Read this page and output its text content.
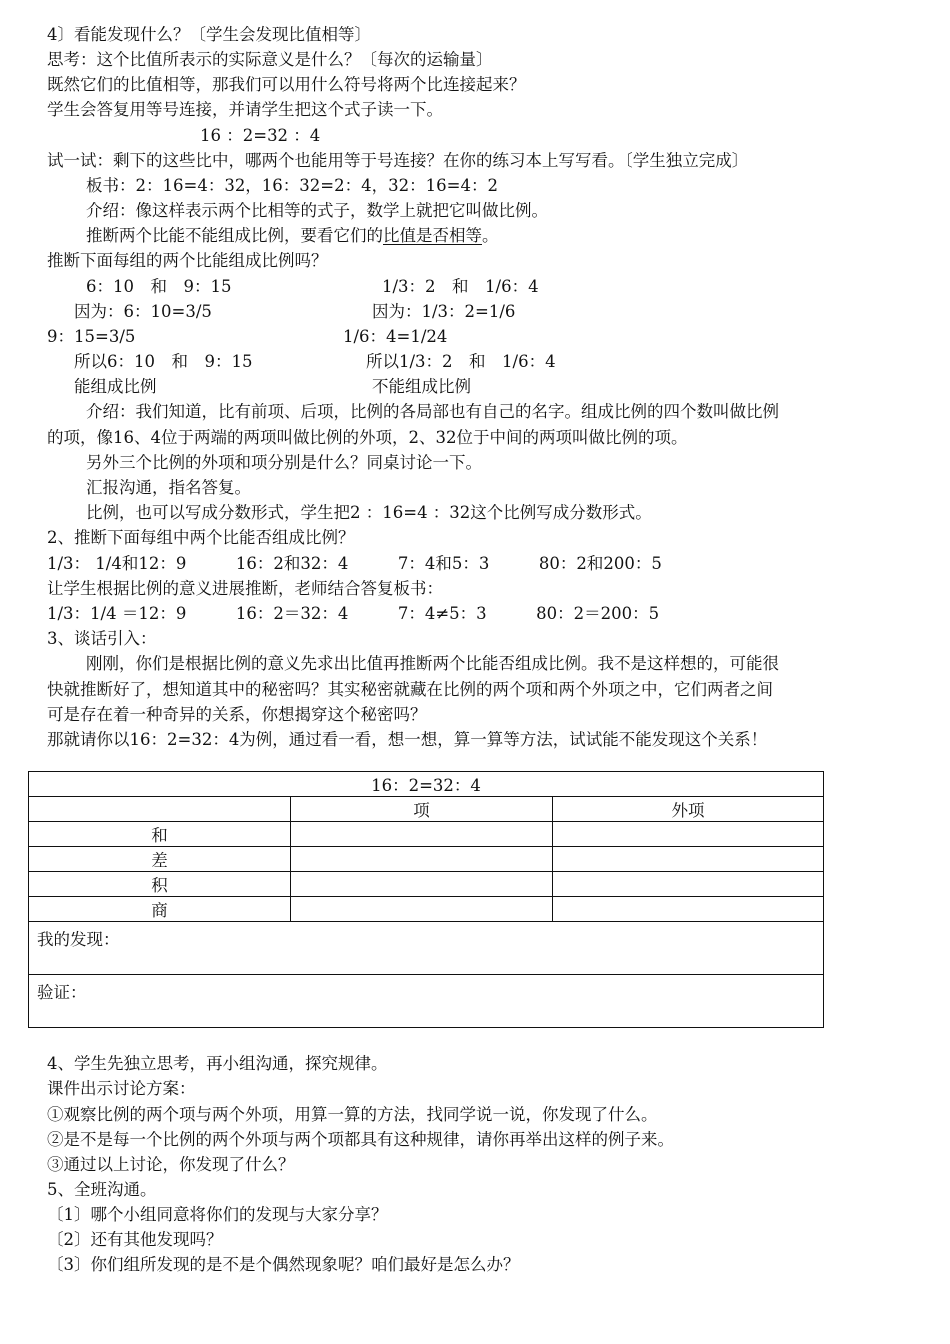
4〕看能发现什么？〔学生会发现比值相等〕
思考：这个比值所表示的实际意义是什么？〔每次的运输量〕
既然它们的比值相等，那我们可以用什么符号将两个比连接起来？
学生会答复用等号连接，并请学生把这个式子读一下。
16 ：2=32 ：4
试一试：剩下的这些比中，哪两个也能用等于号连接？在你的练习本上写写看。〔学生独立完成〕
板书：2：16=4：32，16：32=2：4，32：16=4：2
介绍：像这样表示两个比相等的式子，数学上就把它叫做比例。
推断两个比能不能组成比例，要看它们的比值是否相等。
推断下面每组的两个比能组成比例吗？
6：10　和　9：15	1/3：2　和　1/6：4
因为：6：10=3/5	因为：1/3：2=1/6
9：15=3/5	1/6：4=1/24
所以6：10　和　9：15	所以1/3：2　和　1/6：4
能组成比例	不能组成比例
介绍：我们知道，比有前项、后项，比例的各局部也有自己的名字。组成比例的四个数叫做比例
的项，像16、4位于两端的两项叫做比例的外项，2、32位于中间的两项叫做比例的项。
另外三个比例的外项和项分别是什么？同桌讨论一下。
汇报沟通，指名答复。
比例，也可以写成分数形式，学生把2 ：16=4 ：32这个比例写成分数形式。
2、推断下面每组中两个比能否组成比例？
1/3： 1/4和12：9　　　16：2和32：4　　　7：4和5：3　　　80：2和200：5
让学生根据比例的意义进展推断，老师结合答复板书：
1/3：1/4 ＝12：9　　　16：2＝32：4　　　7：4≠5：3　　　80：2＝200：5
3、谈话引入：
刚刚，你们是根据比例的意义先求出比值再推断两个比能否组成比例。我不是这样想的，可能很
快就推断好了，想知道其中的秘密吗？其实秘密就藏在比例的两个项和两个外项之中，它们两者之间
可是存在着一种奇异的关系，你想揭穿这个秘密吗？
那就请你以16：2=32：4为例，通过看一看，想一想，算一算等方法，试试能不能发现这个关系！
16：2=32：4		
	项	外项
和		
差		
积		
商		
我的发现：		
验证：		
4、学生先独立思考，再小组沟通，探究规律。
课件出示讨论方案：
①观察比例的两个项与两个外项，用算一算的方法，找同学说一说，你发现了什么。
②是不是每一个比例的两个外项与两个项都具有这种规律，请你再举出这样的例子来。
③通过以上讨论，你发现了什么？
5、全班沟通。
〔1〕哪个小组同意将你们的发现与大家分享？
〔2〕还有其他发现吗？
〔3〕你们组所发现的是不是个偶然现象呢？咱们最好是怎么办？
